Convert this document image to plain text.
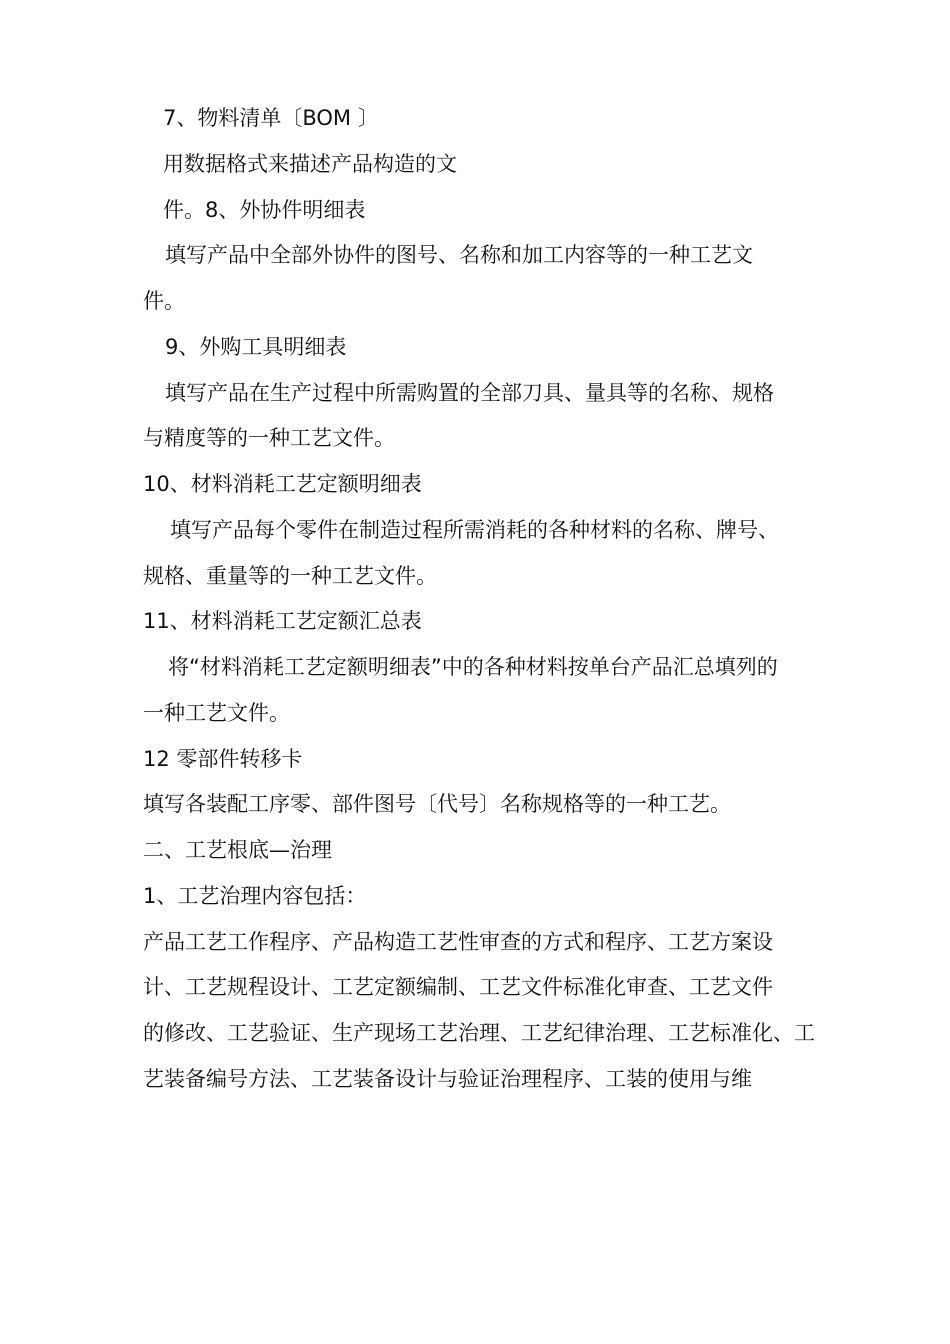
7、物料清单〔BOM 〕
用数据格式来描述产品构造的文
件。8、外协件明细表
填写产品中全部外协件的图号、名称和加工内容等的一种工艺文
件。
9、外购工具明细表
填写产品在生产过程中所需购置的全部刀具、量具等的名称、规格
与精度等的一种工艺文件。
10、材料消耗工艺定额明细表
填写产品每个零件在制造过程所需消耗的各种材料的名称、牌号、
规格、重量等的一种工艺文件。
11、材料消耗工艺定额汇总表
将“材料消耗工艺定额明细表”中的各种材料按单台产品汇总填列的
一种工艺文件。
12 零部件转移卡
填写各装配工序零、部件图号〔代号〕名称规格等的一种工艺。
二、工艺根底—治理
1、工艺治理内容包括：
产品工艺工作程序、产品构造工艺性审查的方式和程序、工艺方案设
计、工艺规程设计、工艺定额编制、工艺文件标准化审查、工艺文件
的修改、工艺验证、生产现场工艺治理、工艺纪律治理、工艺标准化、工
艺装备编号方法、工艺装备设计与验证治理程序、工装的使用与维
